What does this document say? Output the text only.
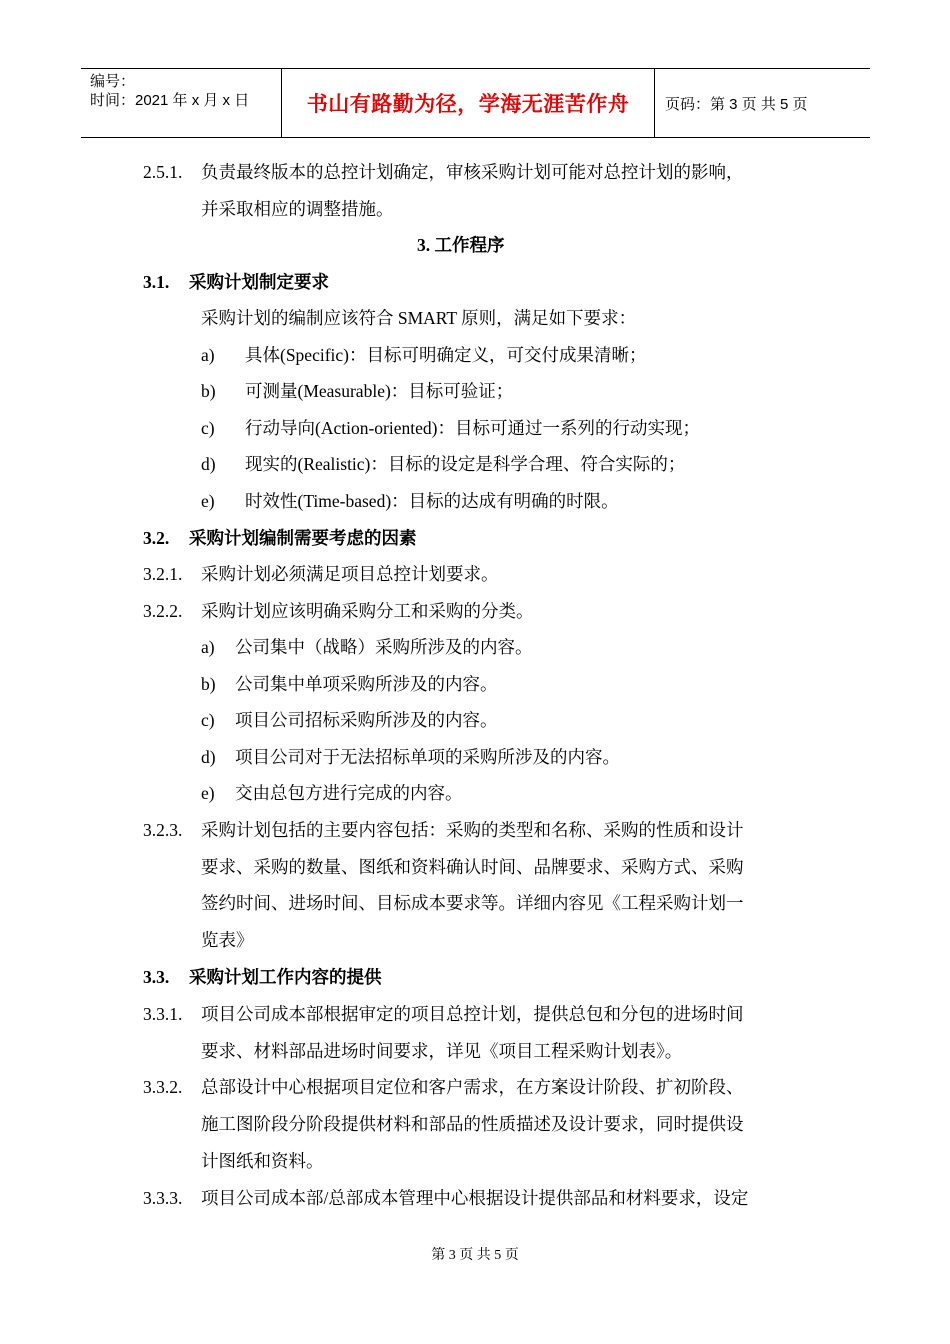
编号：
时间：2021 年 x 月 x 日	书山有路勤为径，学海无涯苦作舟	页码：第 3 页 共 5 页
2.5.1. 负责最终版本的总控计划确定，审核采购计划可能对总控计划的影响，
并采取相应的调整措施。
3. 工作程序
3.1. 采购计划制定要求
采购计划的编制应该符合 SMART 原则，满足如下要求：
a) 具体(Specific)：目标可明确定义，可交付成果清晰；
b) 可测量(Measurable)：目标可验证；
c) 行动导向(Action-oriented)：目标可通过一系列的行动实现；
d) 现实的(Realistic)：目标的设定是科学合理、符合实际的；
e) 时效性(Time-based)：目标的达成有明确的时限。
3.2. 采购计划编制需要考虑的因素
3.2.1. 采购计划必须满足项目总控计划要求。
3.2.2. 采购计划应该明确采购分工和采购的分类。
a) 公司集中（战略）采购所涉及的内容。
b) 公司集中单项采购所涉及的内容。
c) 项目公司招标采购所涉及的内容。
d) 项目公司对于无法招标单项的采购所涉及的内容。
e) 交由总包方进行完成的内容。
3.2.3. 采购计划包括的主要内容包括：采购的类型和名称、采购的性质和设计
要求、采购的数量、图纸和资料确认时间、品牌要求、采购方式、采购
签约时间、进场时间、目标成本要求等。详细内容见《工程采购计划一
览表》
3.3. 采购计划工作内容的提供
3.3.1. 项目公司成本部根据审定的项目总控计划，提供总包和分包的进场时间
要求、材料部品进场时间要求，详见《项目工程采购计划表》。
3.3.2. 总部设计中心根据项目定位和客户需求，在方案设计阶段、扩初阶段、
施工图阶段分阶段提供材料和部品的性质描述及设计要求，同时提供设
计图纸和资料。
3.3.3. 项目公司成本部/总部成本管理中心根据设计提供部品和材料要求，设定
第 3 页 共 5 页
